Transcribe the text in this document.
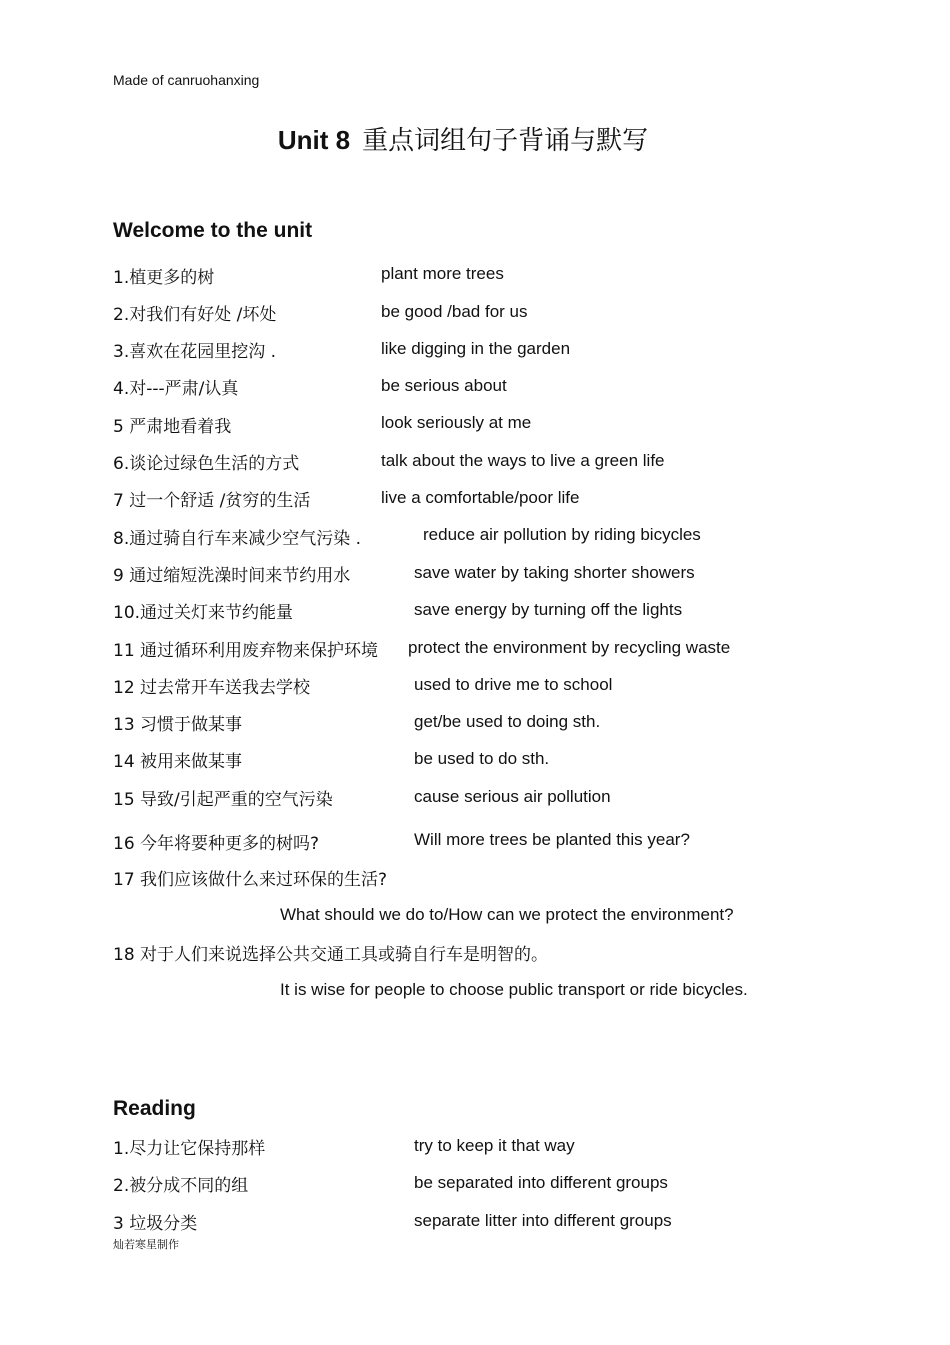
Made of canruohanxing
Unit 8 重点词组句子背诵与默写
Welcome to the unit
1.植更多的树	plant more trees
2.对我们有好处 /坏处	be good /bad for us
3.喜欢在花园里挖沟 .	like digging in the garden
4.对---严肃/认真	be serious about
5 严肃地看着我	look seriously at me
6.谈论过绿色生活的方式	talk about the ways to live a green life
7 过一个舒适 /贫穷的生活	live a comfortable/poor life
8.通过骑自行车来减少空气污染 .	reduce air pollution by riding bicycles
9 通过缩短洗澡时间来节约用水	save water by taking shorter showers
10.通过关灯来节约能量	save energy by turning off the lights
11 通过循环利用废弃物来保护环境 protect the environment by recycling waste
12 过去常开车送我去学校	used to drive me to school
13 习惯于做某事	get/be used to doing sth.
14 被用来做某事	be used to do sth.
15 导致/引起严重的空气污染	cause serious air pollution
16 今年将要种更多的树吗?	Will more trees be planted this year?
17 我们应该做什么来过环保的生活?
What should we do to/How can we protect the environment?
18 对于人们来说选择公共交通工具或骑自行车是明智的。
It is wise for people to choose public transport or ride bicycles.
Reading
1.尽力让它保持那样	try to keep it that way
2.被分成不同的组	be separated into different groups
3 垃圾分类	separate litter into different groups
灿若寒星制作
